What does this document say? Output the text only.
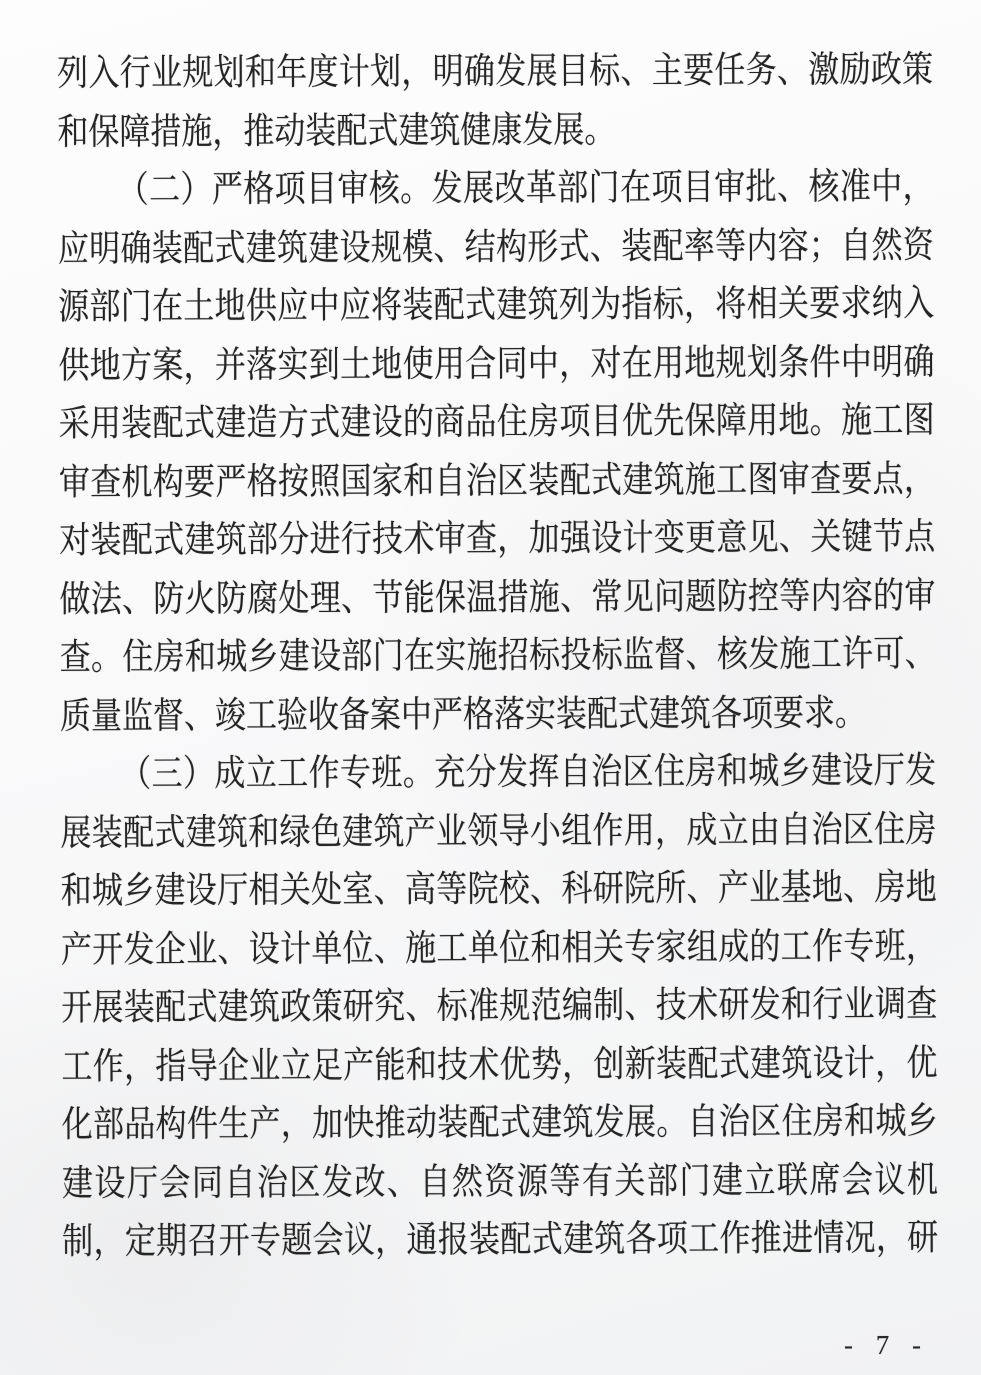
列入行业规划和年度计划，明确发展目标、主要任务、激励政策
和保障措施，推动装配式建筑健康发展。
（二）严格项目审核。发展改革部门在项目审批、核准中，
应明确装配式建筑建设规模、结构形式、装配率等内容；自然资
源部门在土地供应中应将装配式建筑列为指标，将相关要求纳入
供地方案，并落实到土地使用合同中，对在用地规划条件中明确
采用装配式建造方式建设的商品住房项目优先保障用地。施工图
审查机构要严格按照国家和自治区装配式建筑施工图审查要点，
对装配式建筑部分进行技术审查，加强设计变更意见、关键节点
做法、防火防腐处理、节能保温措施、常见问题防控等内容的审
查。住房和城乡建设部门在实施招标投标监督、核发施工许可、
质量监督、竣工验收备案中严格落实装配式建筑各项要求。
（三）成立工作专班。充分发挥自治区住房和城乡建设厅发
展装配式建筑和绿色建筑产业领导小组作用，成立由自治区住房
和城乡建设厅相关处室、高等院校、科研院所、产业基地、房地
产开发企业、设计单位、施工单位和相关专家组成的工作专班，
开展装配式建筑政策研究、标准规范编制、技术研发和行业调查
工作，指导企业立足产能和技术优势，创新装配式建筑设计，优
化部品构件生产，加快推动装配式建筑发展。自治区住房和城乡
建设厅会同自治区发改、自然资源等有关部门建立联席会议机
制，定期召开专题会议，通报装配式建筑各项工作推进情况，研
- 7 -
